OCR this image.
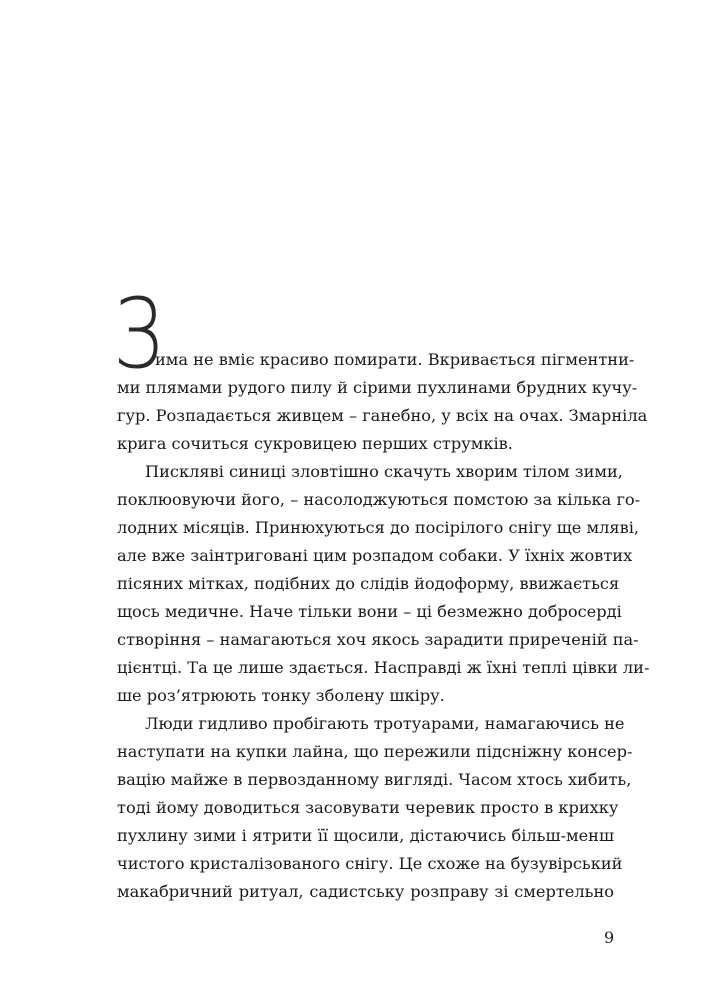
З
има не вміє красиво помирати. Вкривається пігментни-
ми плямами рудого пилу й сірими пухлинами брудних кучу-
гур. Розпадається живцем – ганебно, у всіх на очах. Змарніла
крига сочиться сукровицею перших струмків.
Пискляві синиці зловтішно скачуть хворим тілом зими,
поклюовуючи його, – насолоджуються помстою за кілька го-
лодних місяців. Принюхуються до посірілого снігу ще мляві,
але вже заінтриговані цим розпадом собаки. У їхніх жовтих
пісяних мітках, подібних до слідів йодоформу, ввижається
щось медичне. Наче тільки вони – ці безмежно добросерді
створіння – намагаються хоч якось зарадити приреченій па-
цієнтці. Та це лише здається. Насправді ж їхні теплі цівки ли-
ше роз’ятрюють тонку зболену шкіру.
Люди гидливо пробігають тротуарами, намагаючись не
наступати на купки лайна, що пережили підсніжну консер-
вацію майже в первозданному вигляді. Часом хтось хибить,
тоді йому доводиться засовувати черевик просто в крихку
пухлину зими і ятрити її щосили, дістаючись більш-менш
чистого кристалізованого снігу. Це схоже на бузувірський
макабричний ритуал, садистську розправу зі смертельно
9
